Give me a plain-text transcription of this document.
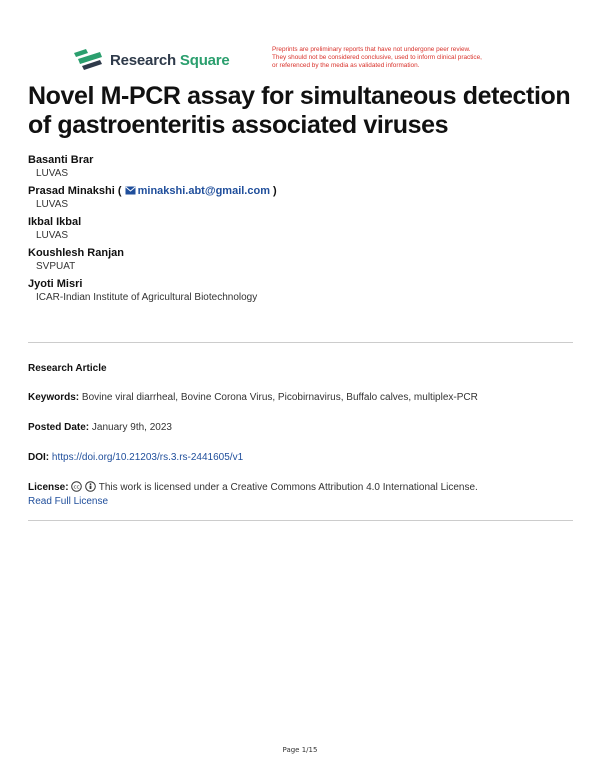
Research Square
Preprints are preliminary reports that have not undergone peer review.
They should not be considered conclusive, used to inform clinical practice,
or referenced by the media as validated information.
Novel M-PCR assay for simultaneous detection of gastroenteritis associated viruses
Basanti Brar
LUVAS
Prasad Minakshi ( minakshi.abt@gmail.com )
LUVAS
Ikbal Ikbal
LUVAS
Koushlesh Ranjan
SVPUAT
Jyoti Misri
ICAR-Indian Institute of Agricultural Biotechnology
Research Article
Keywords: Bovine viral diarrheal, Bovine Corona Virus, Picobirnavirus, Buffalo calves, multiplex-PCR
Posted Date: January 9th, 2023
DOI: https://doi.org/10.21203/rs.3.rs-2441605/v1
License: cc This work is licensed under a Creative Commons Attribution 4.0 International License.
Read Full License
Page 1/15
